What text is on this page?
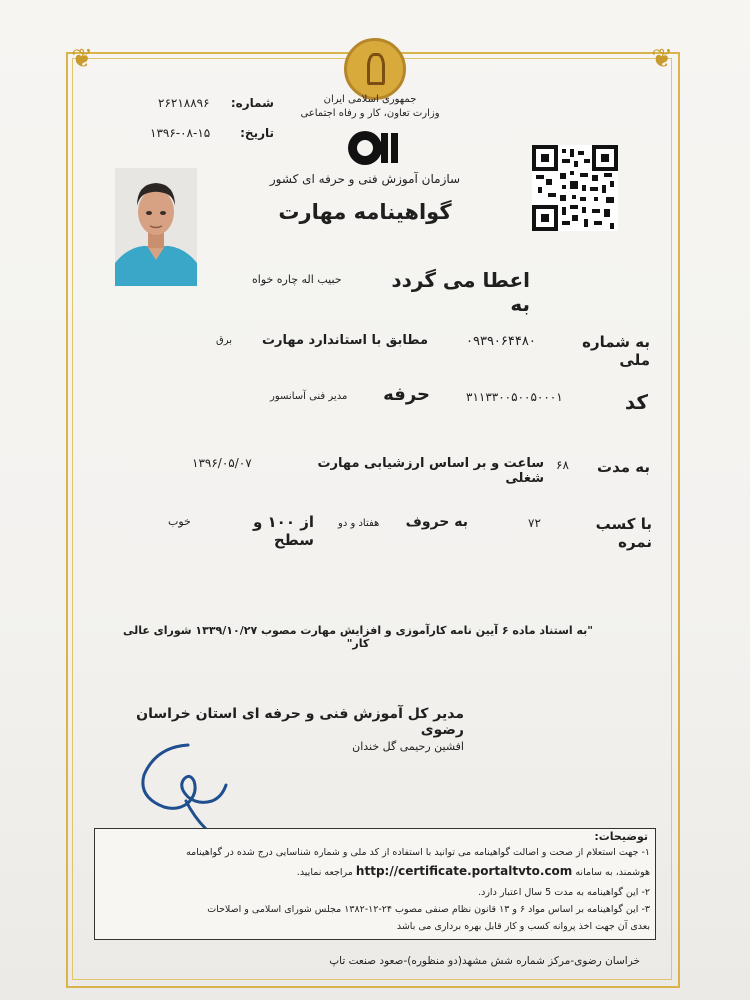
❦	❦
جمهوری اسلامی ایران
وزارت تعاون، کار و رفاه اجتماعی
شماره:
۲۶۲۱۸۸۹۶
تاریخ:
۱۳۹۶-۰۸-۱۵
سازمان آموزش فنی و حرفه ای کشور
گواهینامه مهارت
اعطا می گردد به
حبیب اله چاره خواه
به شماره ملی
۰۹۳۹۰۶۴۴۸۰
مطابق با استاندارد مهارت
برق
کد
۳۱۱۳۳۰۰۵۰۰۵۰۰۰۱
حرفه
مدیر فنی آسانسور
به مدت
۶۸
ساعت و بر اساس ارزشیابی مهارت شغلی
۱۳۹۶/۰۵/۰۷
با کسب نمره
۷۲
به حروف
هفتاد و دو
از ۱۰۰ و سطح
خوب
"به استناد ماده ۶ آیین نامه کارآموزی و افزایش مهارت مصوب ۱۳۳۹/۱۰/۲۷ شورای عالی کار"
مدیر کل آموزش فنی و حرفه ای استان خراسان رضوی
افشین رحیمی گل خندان
توضیحات:
۱- جهت استعلام از صحت و اصالت گواهینامه می توانید با استفاده از کد ملی و شماره شناسایی درج شده در گواهینامه
هوشمند، به سامانه http://certificate.portaltvto.com مراجعه نمایید.
۲- این گواهینامه به مدت 5 سال اعتبار دارد.
۳- این گواهینامه بر اساس مواد ۶ و ۱۳ قانون نظام صنفی مصوب ۲۴-۱۲-۱۳۸۲ مجلس شورای اسلامی و اصلاحات
بعدی آن جهت اخذ پروانه کسب و کار قابل بهره برداری می باشد
خراسان رضوی-مرکز شماره شش مشهد(دو منظوره)-صعود صنعت تاپ
